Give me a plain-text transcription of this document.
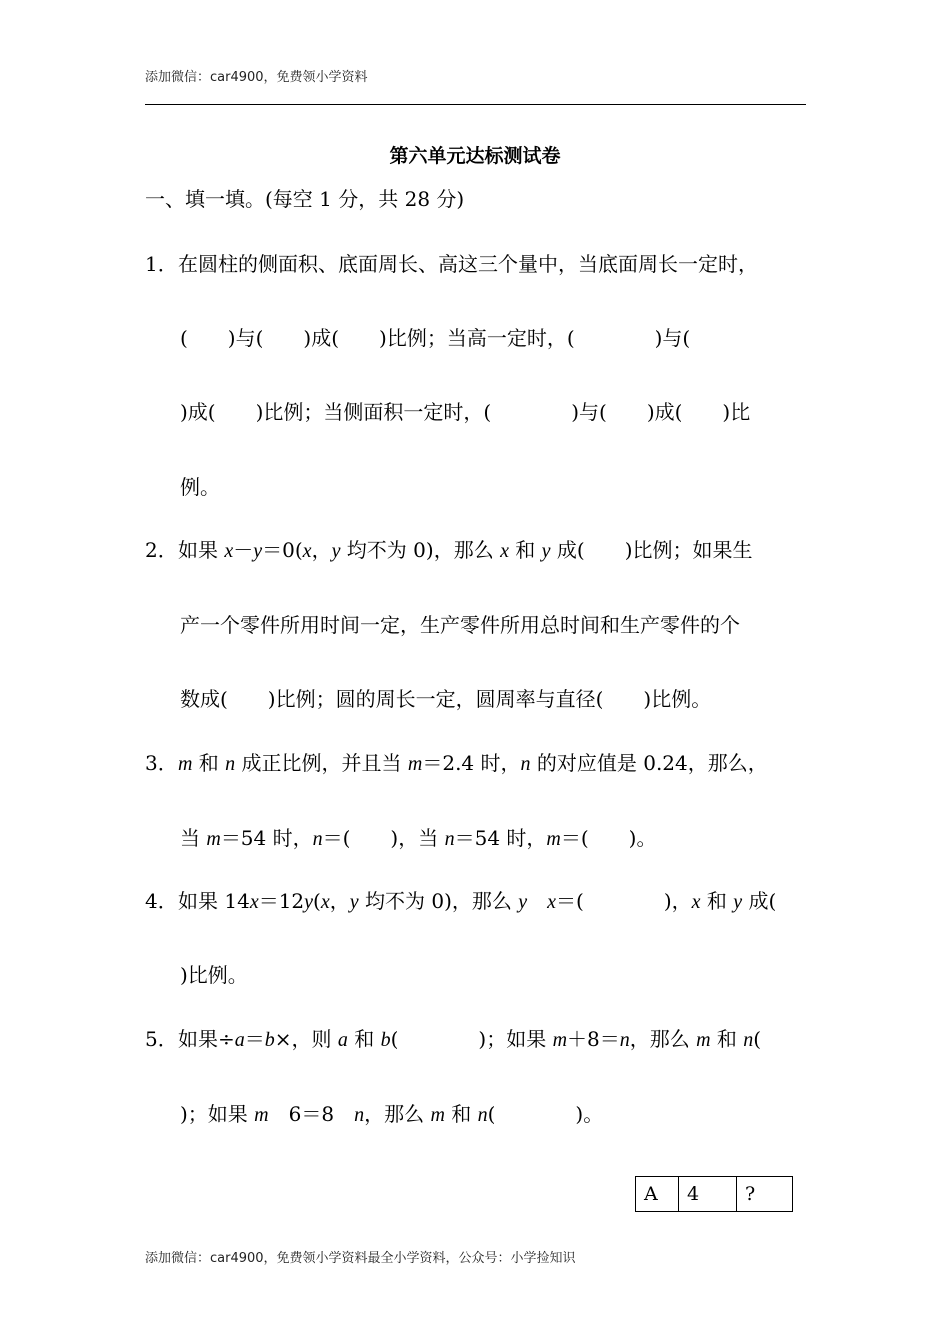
添加微信：car4900，免费领小学资料
第六单元达标测试卷
一、填一填。(每空 1 分，共 28 分)
1．在圆柱的侧面积、底面周长、高这三个量中，当底面周长一定时，
(　　)与(　　)成(　　)比例；当高一定时，(　　　　)与(
)成(　　)比例；当侧面积一定时，(　　　　)与(　　)成(　　)比
例。
2．如果 x－y＝0(x，y 均不为 0)，那么 x 和 y 成(　　)比例；如果生
产一个零件所用时间一定，生产零件所用总时间和生产零件的个
数成(　　)比例；圆的周长一定，圆周率与直径(　　)比例。
3．m 和 n 成正比例，并且当 m＝2.4 时，n 的对应值是 0.24，那么，
当 m＝54 时，n＝(　　)，当 n＝54 时，m＝(　　)。
4．如果 14x＝12y(x，y 均不为 0)，那么 y　 x＝(　　　　)，x 和 y 成(
)比例。
5．如果÷a＝b×，则 a 和 b(　　　　)；如果 m＋8＝n，那么 m 和 n(
)；如果 m　6＝8　n，那么 m 和 n(　　　　)。
A	4	?
添加微信：car4900，免费领小学资料最全小学资料，公众号：小学捡知识
